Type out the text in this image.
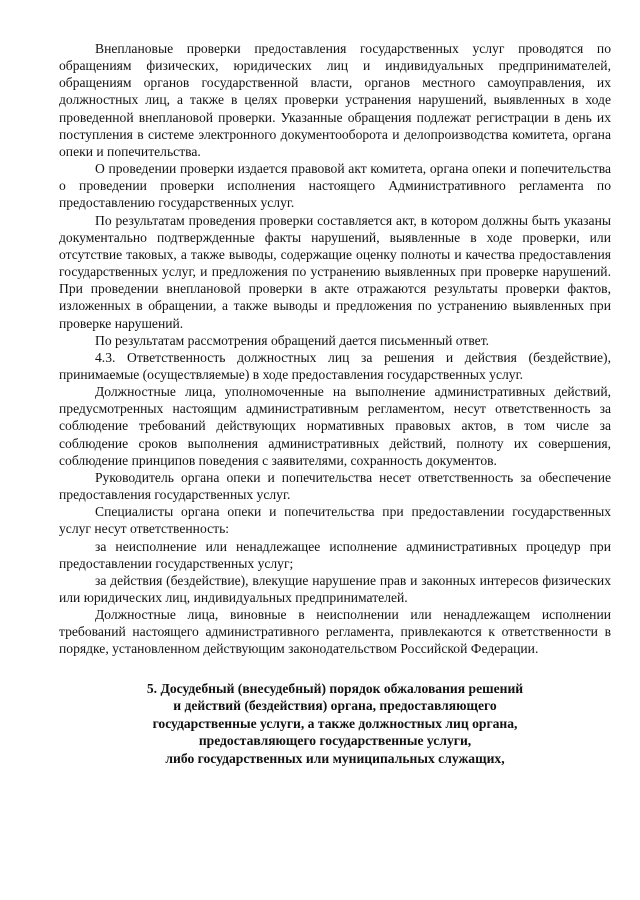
Внеплановые проверки предоставления государственных услуг проводятся по обращениям физических, юридических лиц и индивидуальных предпринимателей, обращениям органов государственной власти, органов местного самоуправления, их должностных лиц, а также в целях проверки устранения нарушений, выявленных в ходе проведенной внеплановой проверки. Указанные обращения подлежат регистрации в день их поступления в системе электронного документооборота и делопроизводства комитета, органа опеки и попечительства.

О проведении проверки издается правовой акт комитета, органа опеки и попечительства о проведении проверки исполнения настоящего Административного регламента по предоставлению государственных услуг.

По результатам проведения проверки составляется акт, в котором должны быть указаны документально подтвержденные факты нарушений, выявленные в ходе проверки, или отсутствие таковых, а также выводы, содержащие оценку полноты и качества предоставления государственных услуг, и предложения по устранению выявленных при проверке нарушений. При проведении внеплановой проверки в акте отражаются результаты проверки фактов, изложенных в обращении, а также выводы и предложения по устранению выявленных при проверке нарушений.

По результатам рассмотрения обращений дается письменный ответ.

4.3. Ответственность должностных лиц за решения и действия (бездействие), принимаемые (осуществляемые) в ходе предоставления государственных услуг.

Должностные лица, уполномоченные на выполнение административных действий, предусмотренных настоящим административным регламентом, несут ответственность за соблюдение требований действующих нормативных правовых актов, в том числе за соблюдение сроков выполнения административных действий, полноту их совершения, соблюдение принципов поведения с заявителями, сохранность документов.

Руководитель органа опеки и попечительства несет ответственность за обеспечение предоставления государственных услуг.

Специалисты органа опеки и попечительства при предоставлении государственных услуг несут ответственность:

за неисполнение или ненадлежащее исполнение административных процедур при предоставлении государственных услуг;

за действия (бездействие), влекущие нарушение прав и законных интересов физических или юридических лиц, индивидуальных предпринимателей.

Должностные лица, виновные в неисполнении или ненадлежащем исполнении требований настоящего административного регламента, привлекаются к ответственности в порядке, установленном действующим законодательством Российской Федерации.

5. Досудебный (внесудебный) порядок обжалования решений
и действий (бездействия) органа, предоставляющего
государственные услуги, а также должностных лиц органа,
предоставляющего государственные услуги,
либо государственных или муниципальных служащих,
